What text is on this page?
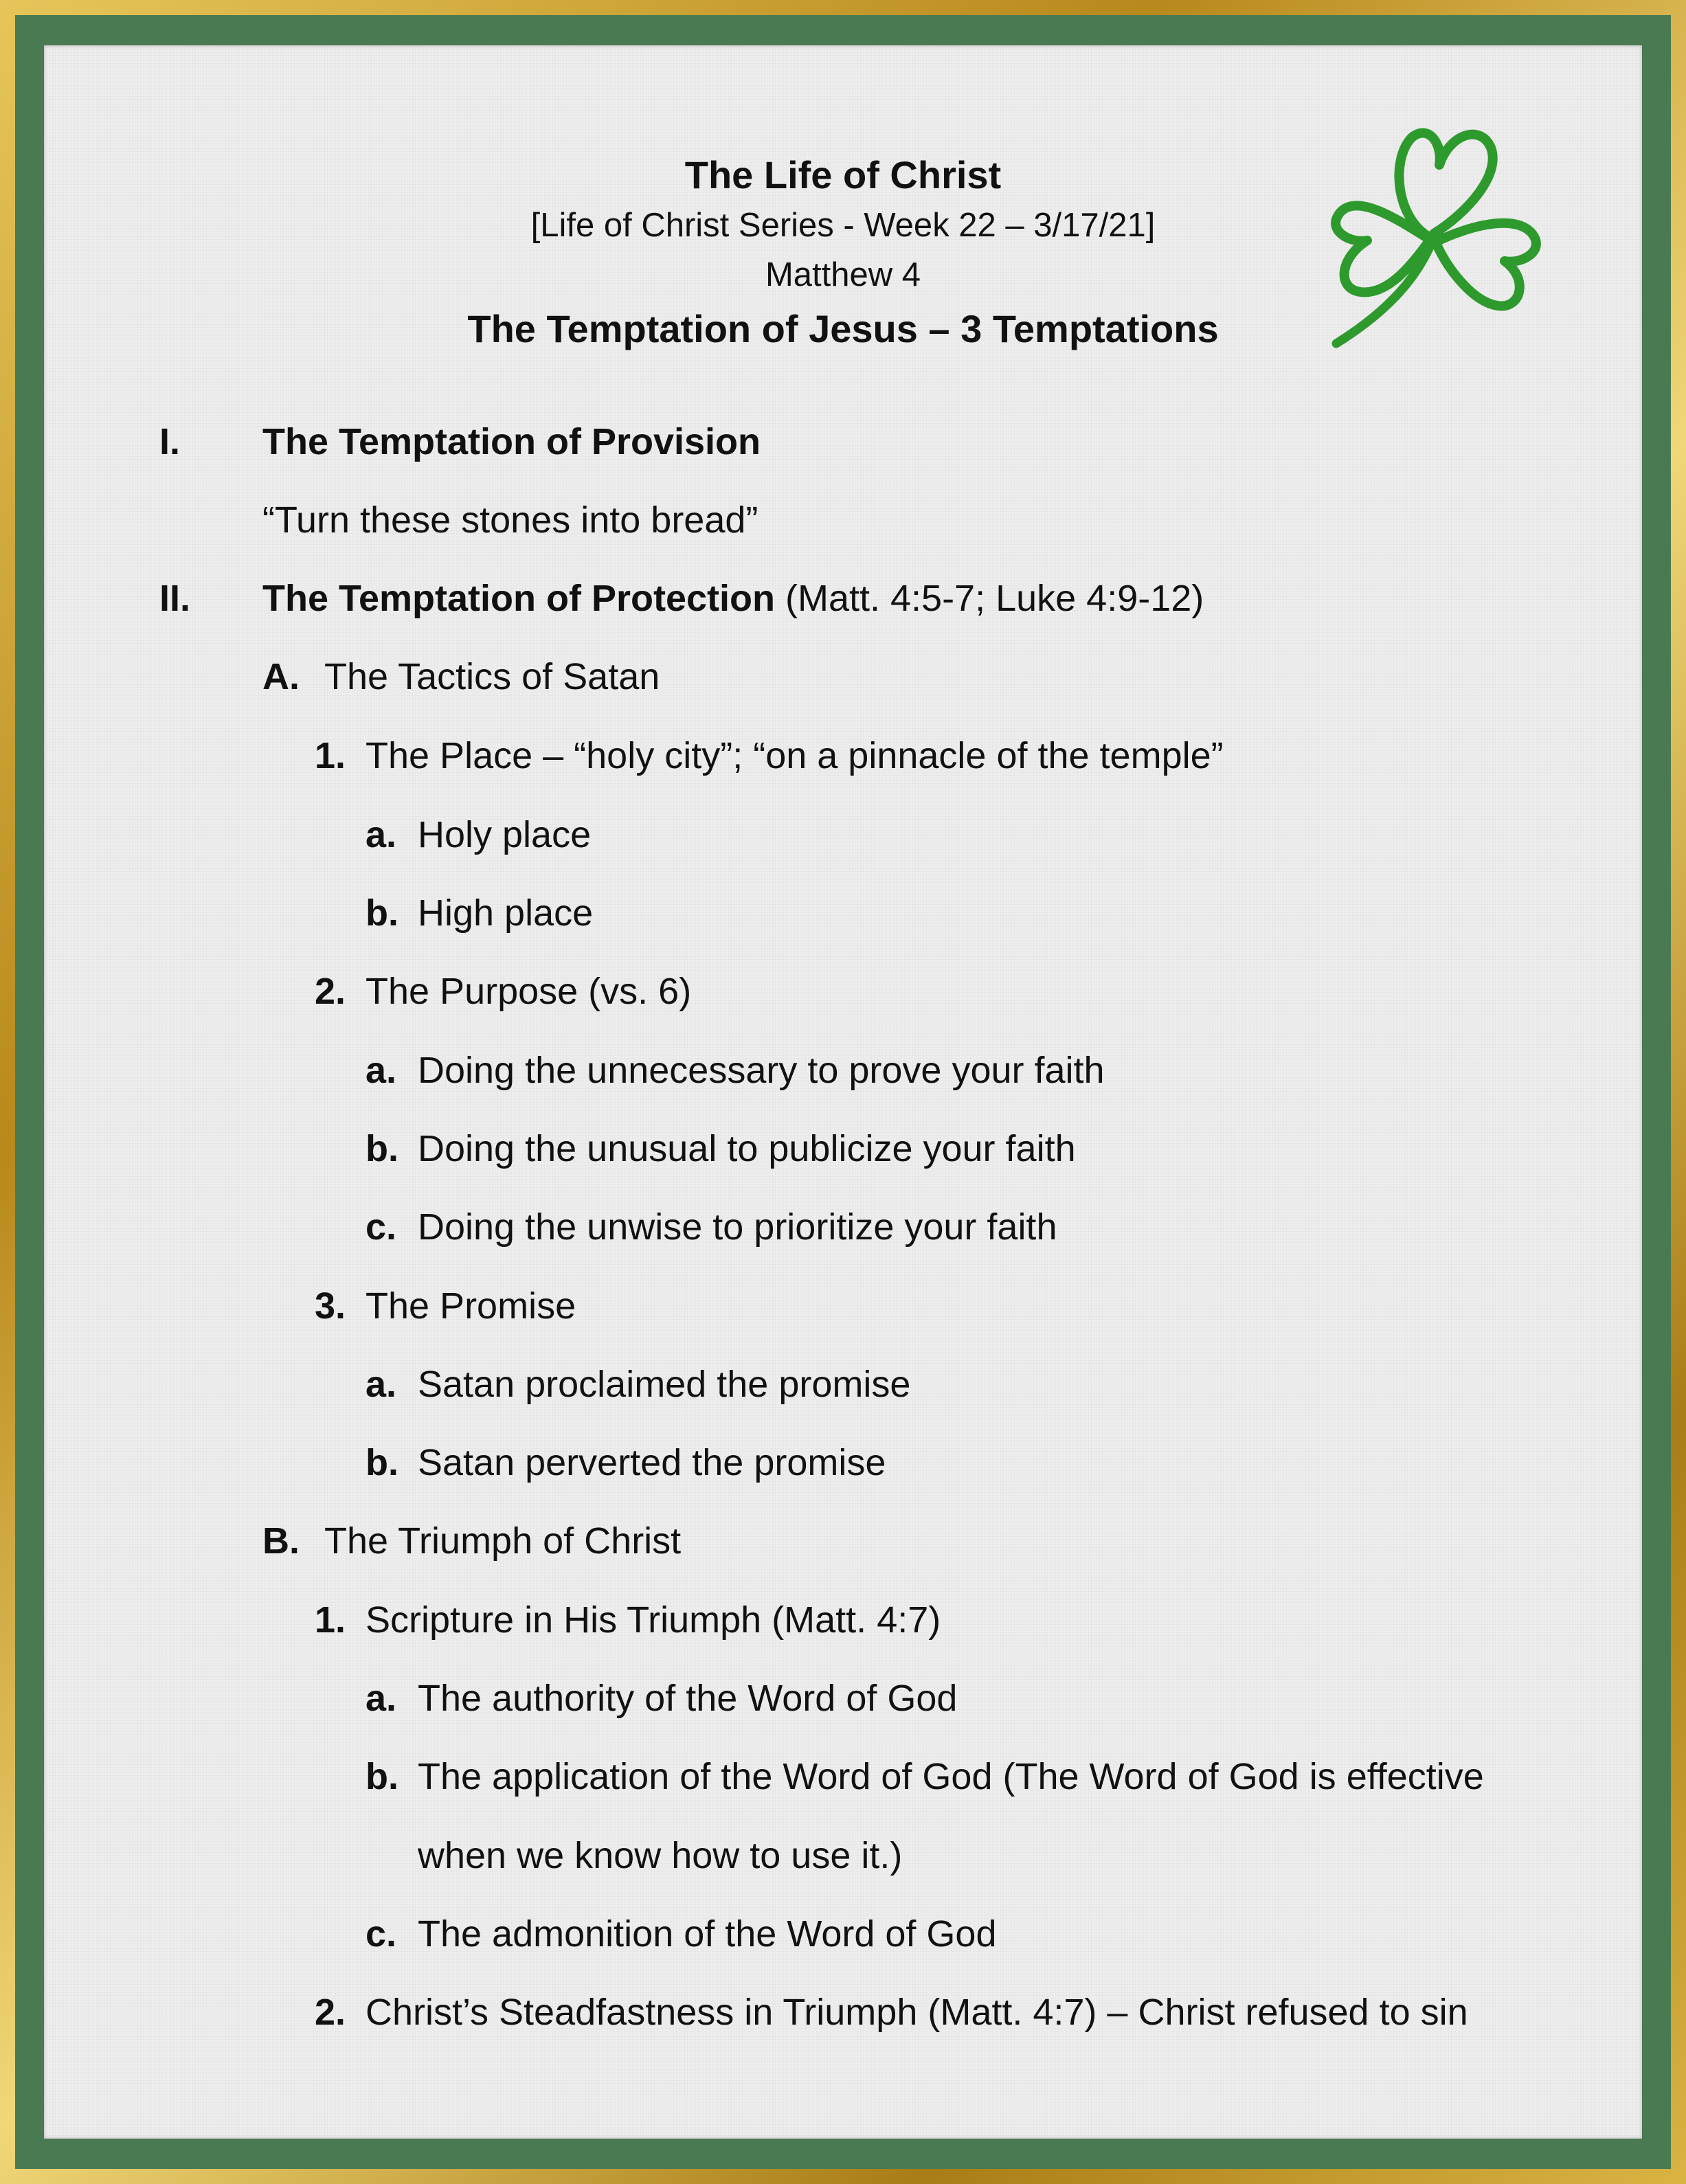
The Life of Christ
[Life of Christ Series - Week 22 – 3/17/21]
Matthew 4
The Temptation of Jesus – 3 Temptations
I. The Temptation of Provision
“Turn these stones into bread”
II. The Temptation of Protection (Matt. 4:5-7; Luke 4:9-12)
A. The Tactics of Satan
1. The Place – “holy city”; “on a pinnacle of the temple”
a. Holy place
b. High place
2. The Purpose (vs. 6)
a. Doing the unnecessary to prove your faith
b. Doing the unusual to publicize your faith
c. Doing the unwise to prioritize your faith
3. The Promise
a. Satan proclaimed the promise
b. Satan perverted the promise
B. The Triumph of Christ
1. Scripture in His Triumph (Matt. 4:7)
a. The authority of the Word of God
b. The application of the Word of God (The Word of God is effective
when we know how to use it.)
c. The admonition of the Word of God
2. Christ’s Steadfastness in Triumph (Matt. 4:7) – Christ refused to sin
